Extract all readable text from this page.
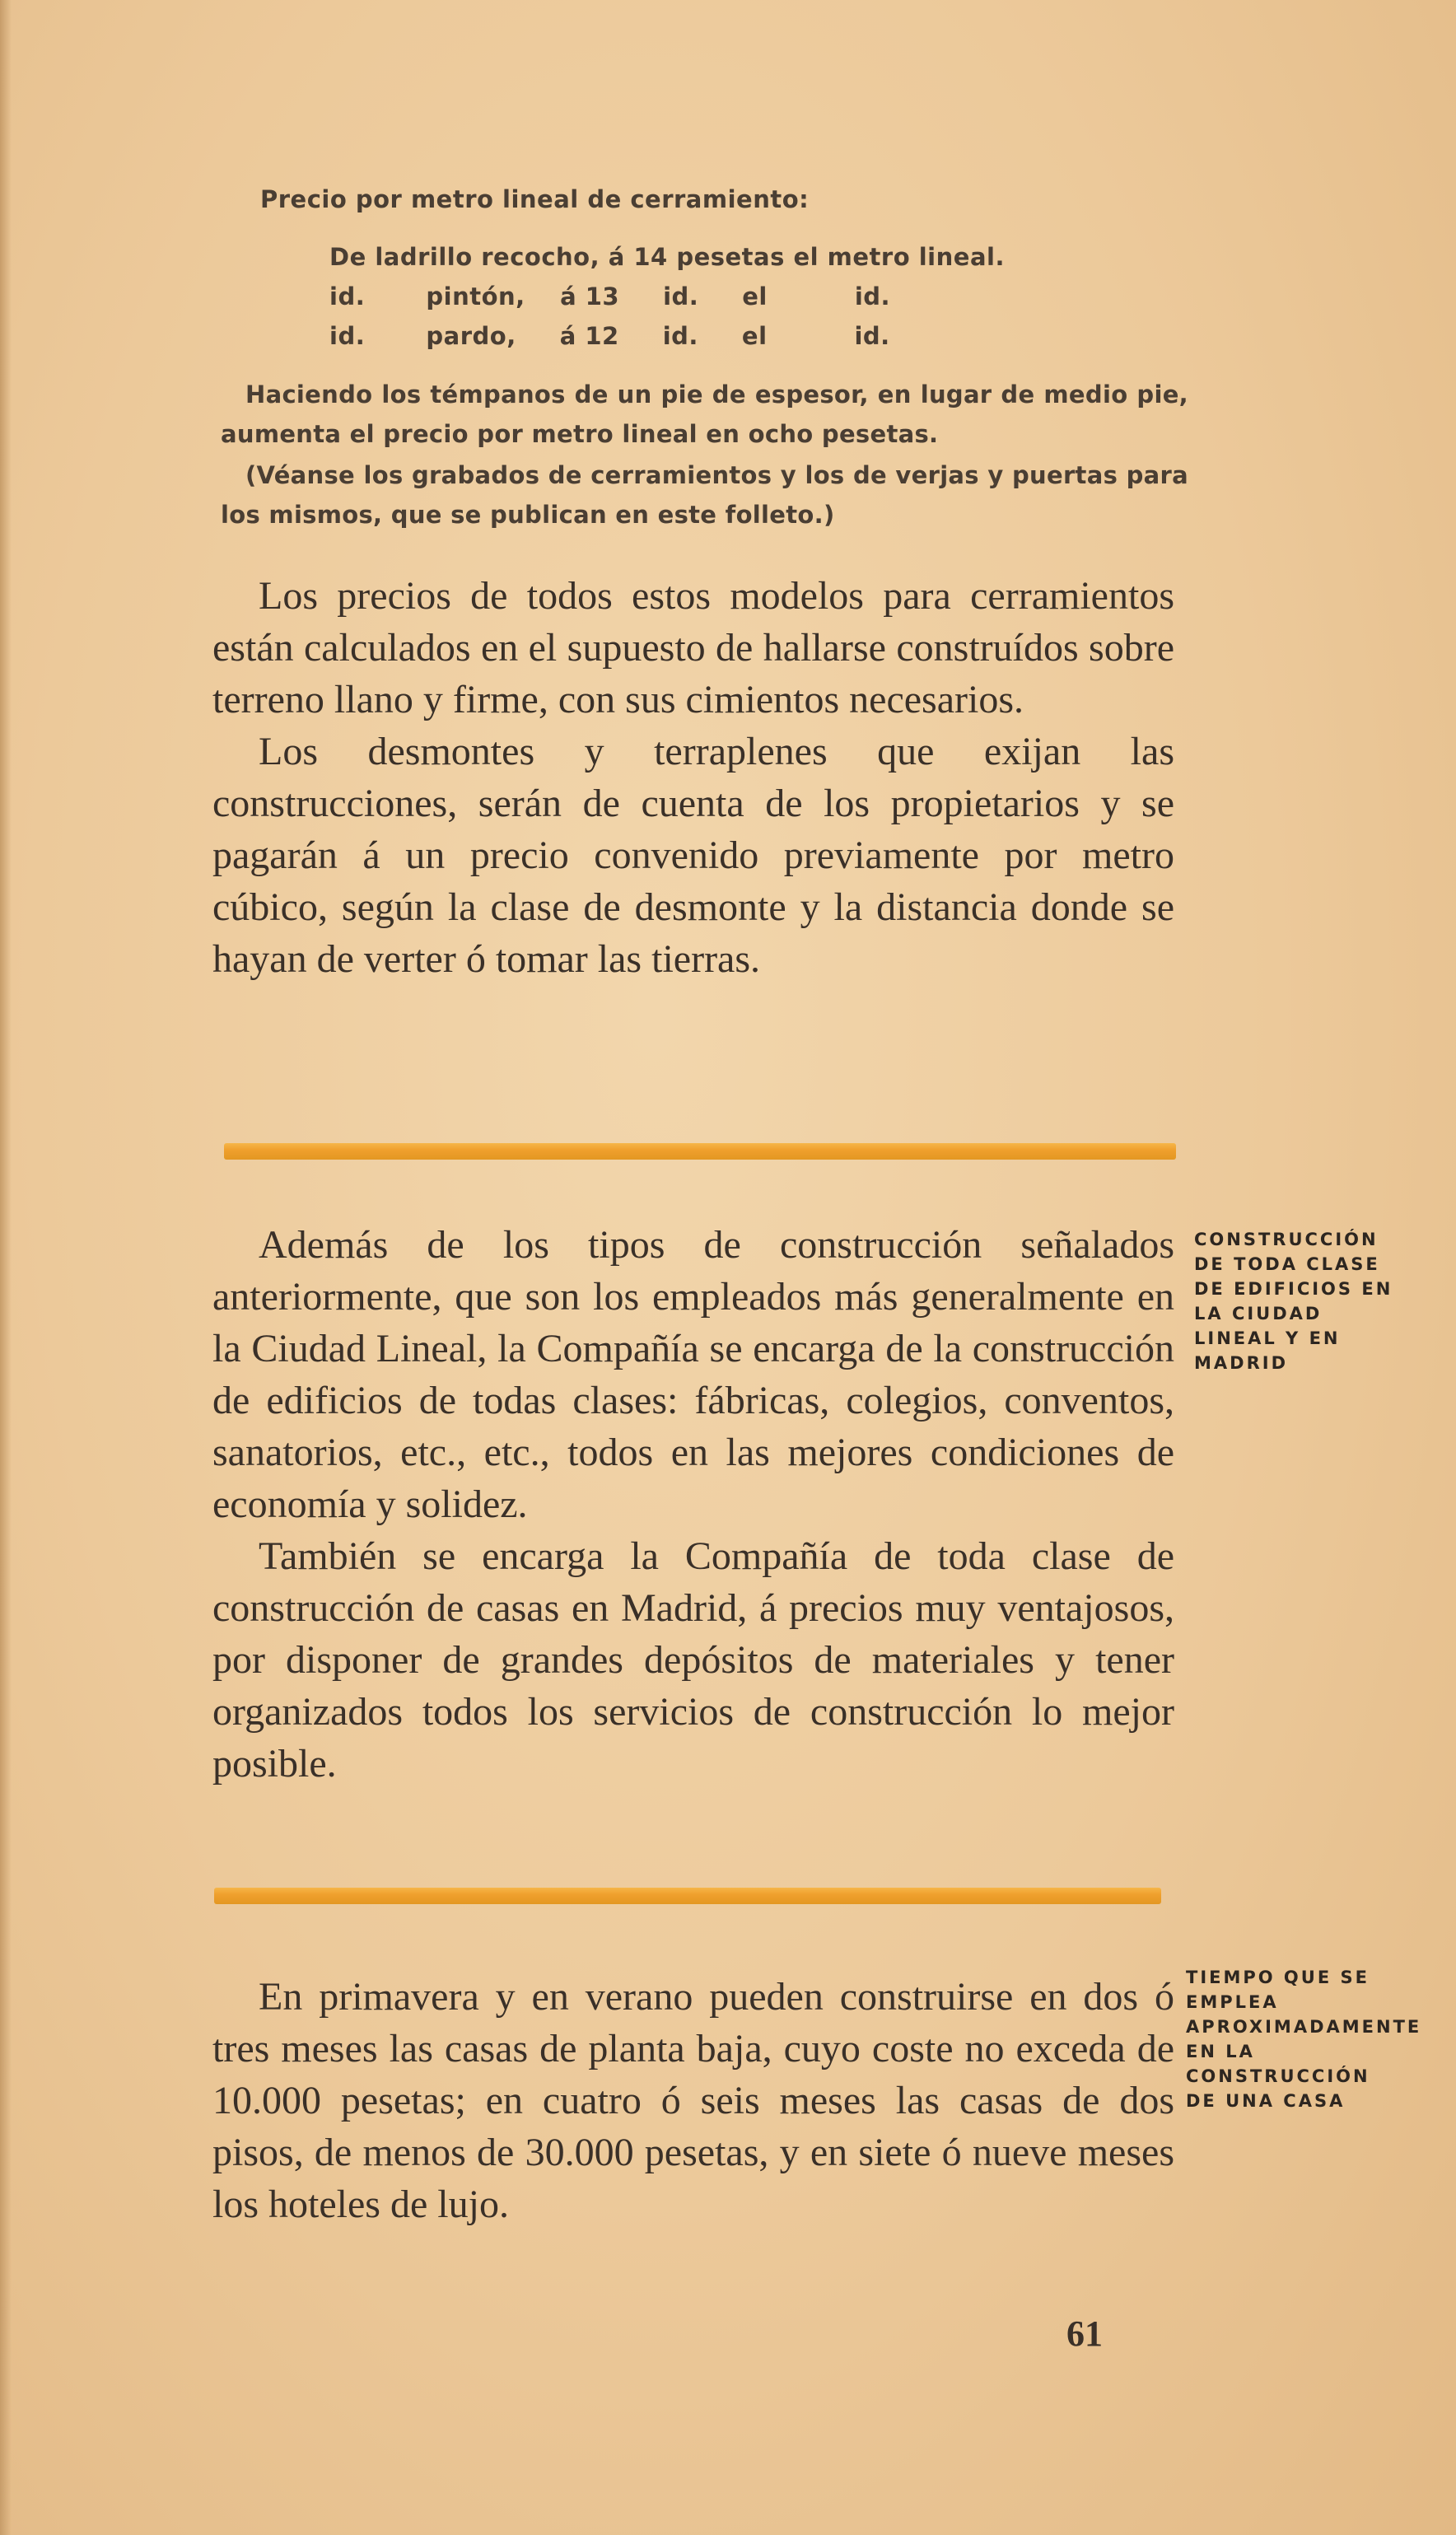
Precio por metro lineal de cerramiento:
De ladrillo recocho, á 14 pesetas el metro lineal.
id.       pintón,    á 13     id.     el          id.
id.       pardo,     á 12     id.     el          id.
Haciendo los témpanos de un pie de espesor, en lugar de medio pie, aumenta el precio por metro lineal en ocho pesetas.
(Véanse los grabados de cerramientos y los de verjas y puertas para los mismos, que se publican en este folleto.)

Los precios de todos estos modelos para cerramientos están calculados en el supuesto de hallarse construídos sobre terreno llano y firme, con sus cimientos necesarios.

Los desmontes y terraplenes que exijan las construcciones, serán de cuenta de los propietarios y se pagarán á un precio convenido previamente por metro cúbico, según la clase de desmonte y la distancia donde se hayan de verter ó tomar las tierras.

Además de los tipos de construcción señalados anteriormente, que son los empleados más generalmente en la Ciudad Lineal, la Compañía se encarga de la construcción de edificios de todas clases: fábricas, colegios, conventos, sanatorios, etc., etc., todos en las mejores condiciones de economía y solidez.

También se encarga la Compañía de toda clase de construcción de casas en Madrid, á precios muy ventajosos, por disponer de grandes depósitos de materiales y tener organizados todos los servicios de construcción lo mejor posible.

CONSTRUCCIÓN DE TODA CLASE DE EDIFICIOS EN LA CIUDAD LINEAL Y EN MADRID

En primavera y en verano pueden construirse en dos ó tres meses las casas de planta baja, cuyo coste no exceda de 10.000 pesetas; en cuatro ó seis meses las casas de dos pisos, de menos de 30.000 pesetas, y en siete ó nueve meses los hoteles de lujo.

TIEMPO QUE SE EMPLEA APROXIMADAMENTE EN LA CONSTRUCCIÓN DE UNA CASA
61
